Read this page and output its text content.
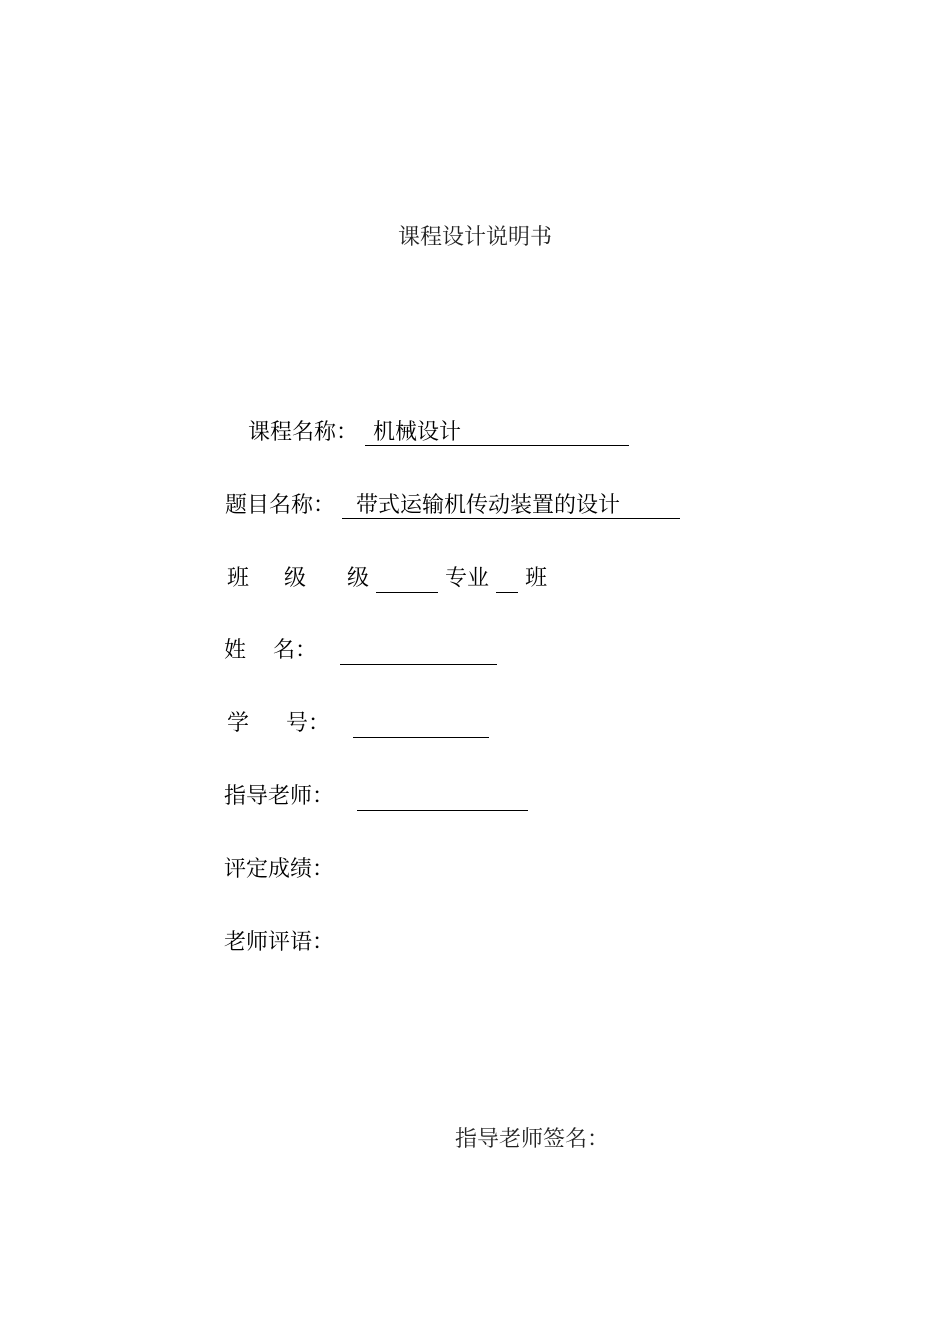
课程设计说明书
课程名称： 机械设计
题目名称： 带式运输机传动装置的设计
班 级 级	专业 班
姓 名：
学 号：
指导老师：
评定成绩：
老师评语：
指导老师签名：
